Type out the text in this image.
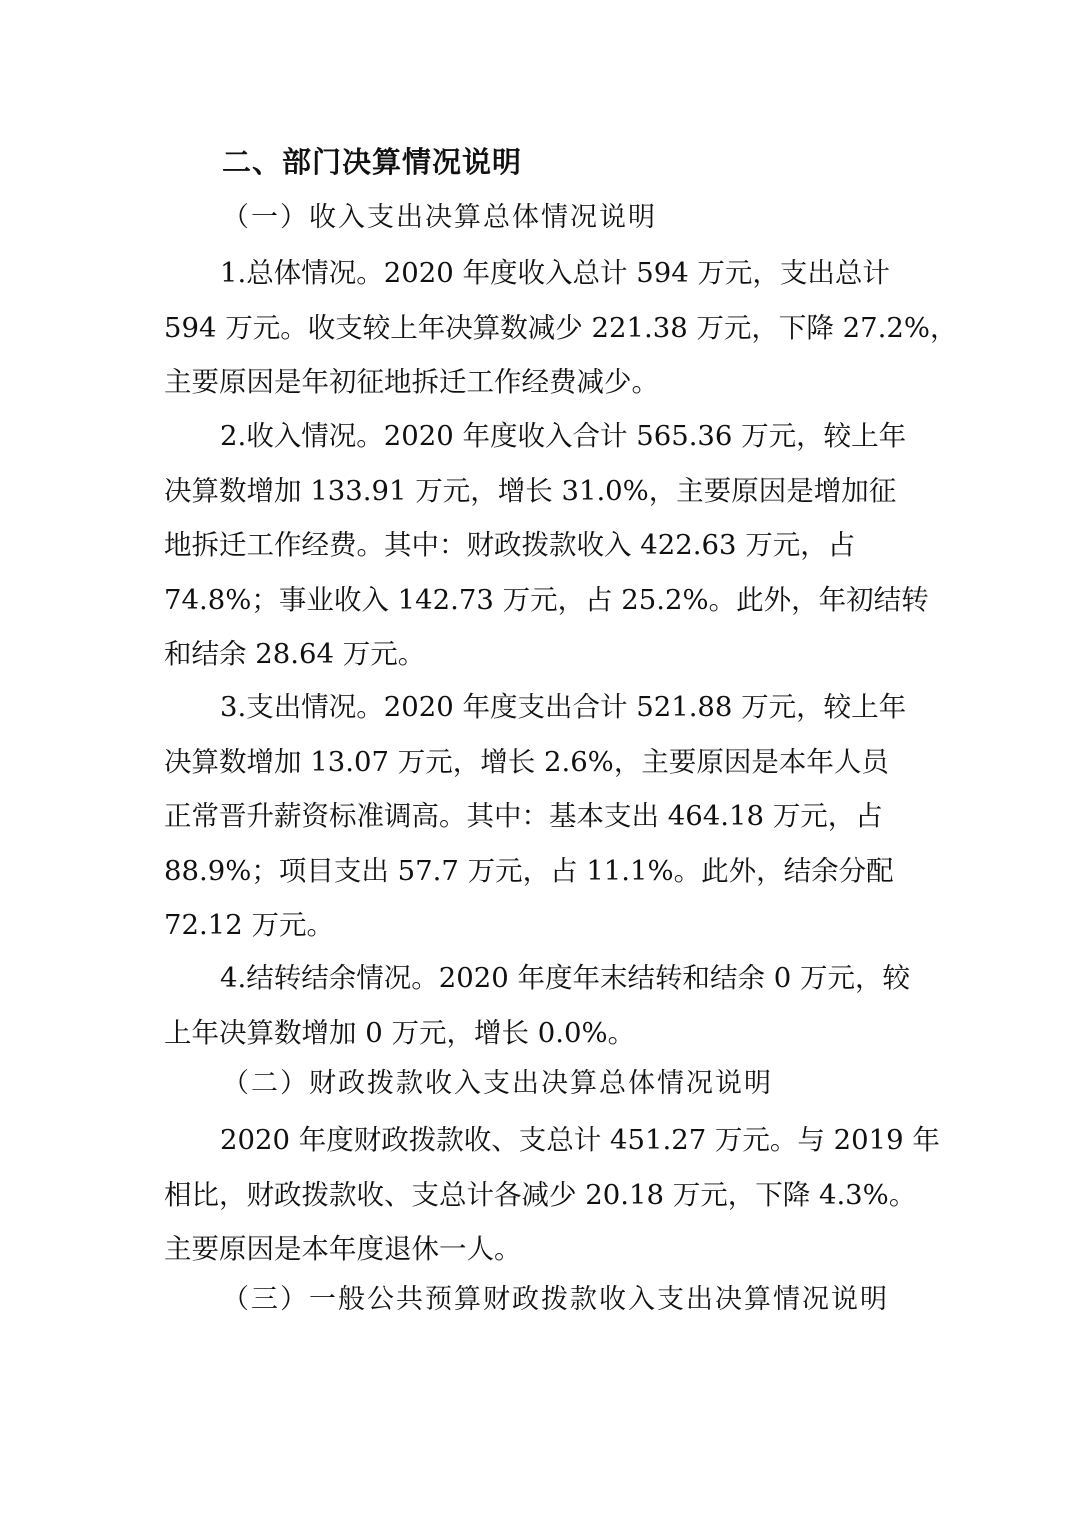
二、部门决算情况说明
（一）收入支出决算总体情况说明
1.总体情况。2020 年度收入总计 594 万元，支出总计
594 万元。收支较上年决算数减少 221.38 万元，下降 27.2%，
主要原因是年初征地拆迁工作经费减少。
2.收入情况。2020 年度收入合计 565.36 万元，较上年
决算数增加 133.91 万元，增长 31.0%，主要原因是增加征
地拆迁工作经费。其中：财政拨款收入 422.63 万元，占
74.8%；事业收入 142.73 万元，占 25.2%。此外，年初结转
和结余 28.64 万元。
3.支出情况。2020 年度支出合计 521.88 万元，较上年
决算数增加 13.07 万元，增长 2.6%，主要原因是本年人员
正常晋升薪资标准调高。其中：基本支出 464.18 万元，占
88.9%；项目支出 57.7 万元，占 11.1%。此外，结余分配
72.12 万元。
4.结转结余情况。2020 年度年末结转和结余 0 万元，较
上年决算数增加 0 万元，增长 0.0%。
（二）财政拨款收入支出决算总体情况说明
2020 年度财政拨款收、支总计 451.27 万元。与 2019 年
相比，财政拨款收、支总计各减少 20.18 万元，下降 4.3%。
主要原因是本年度退休一人。
（三）一般公共预算财政拨款收入支出决算情况说明
